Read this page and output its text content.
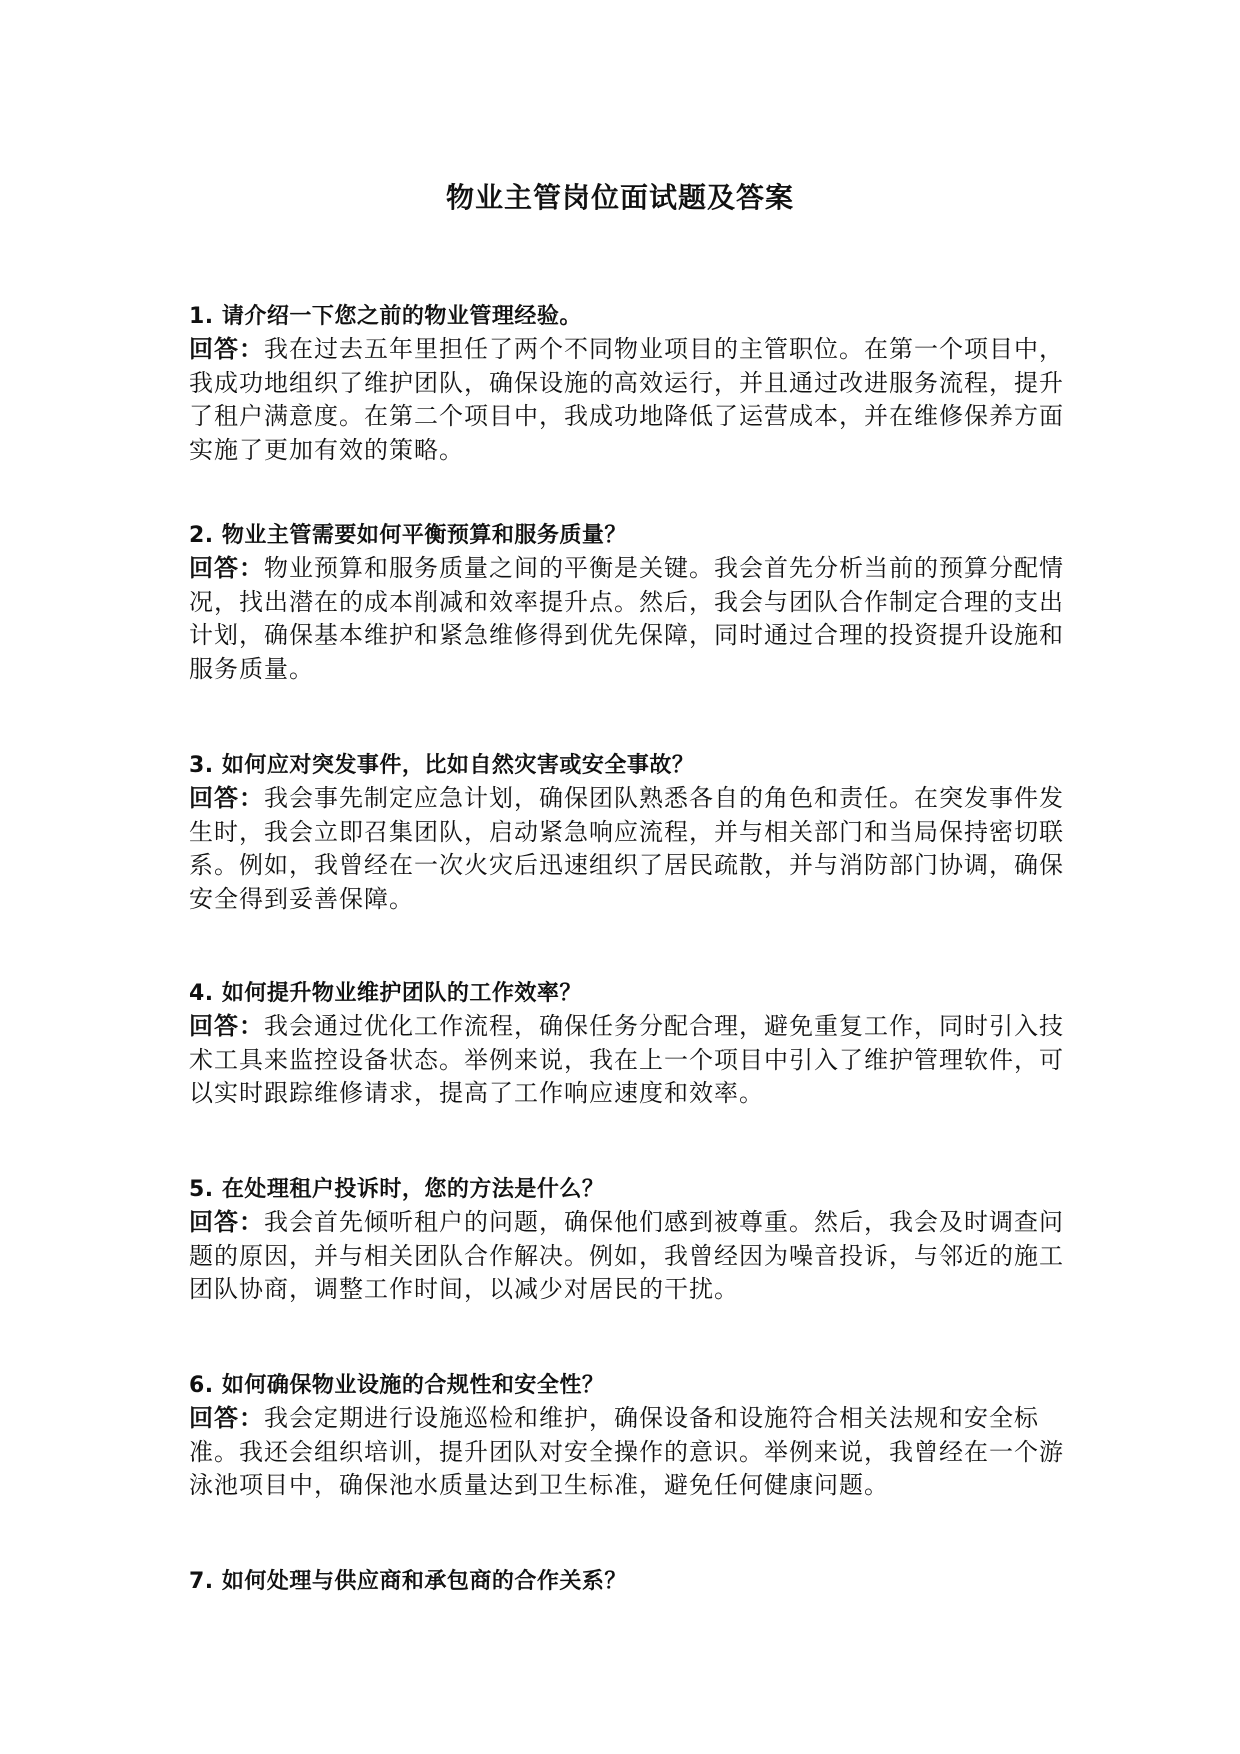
物业主管岗位面试题及答案

1. 请介绍一下您之前的物业管理经验。

回答：我在过去五年里担任了两个不同物业项目的主管职位。在第一个项目中，我成功地组织了维护团队，确保设施的高效运行，并且通过改进服务流程，提升了租户满意度。在第二个项目中，我成功地降低了运营成本，并在维修保养方面实施了更加有效的策略。

2. 物业主管需要如何平衡预算和服务质量？

回答：物业预算和服务质量之间的平衡是关键。我会首先分析当前的预算分配情况，找出潜在的成本削减和效率提升点。然后，我会与团队合作制定合理的支出计划，确保基本维护和紧急维修得到优先保障，同时通过合理的投资提升设施和服务质量。

3. 如何应对突发事件，比如自然灾害或安全事故？

回答：我会事先制定应急计划，确保团队熟悉各自的角色和责任。在突发事件发生时，我会立即召集团队，启动紧急响应流程，并与相关部门和当局保持密切联系。例如，我曾经在一次火灾后迅速组织了居民疏散，并与消防部门协调，确保安全得到妥善保障。

4. 如何提升物业维护团队的工作效率？

回答：我会通过优化工作流程，确保任务分配合理，避免重复工作，同时引入技术工具来监控设备状态。举例来说，我在上一个项目中引入了维护管理软件，可以实时跟踪维修请求，提高了工作响应速度和效率。

5. 在处理租户投诉时，您的方法是什么？

回答：我会首先倾听租户的问题，确保他们感到被尊重。然后，我会及时调查问题的原因，并与相关团队合作解决。例如，我曾经因为噪音投诉，与邻近的施工团队协商，调整工作时间，以减少对居民的干扰。

6. 如何确保物业设施的合规性和安全性？

回答：我会定期进行设施巡检和维护，确保设备和设施符合相关法规和安全标准。我还会组织培训，提升团队对安全操作的意识。举例来说，我曾经在一个游泳池项目中，确保池水质量达到卫生标准，避免任何健康问题。

7. 如何处理与供应商和承包商的合作关系？
